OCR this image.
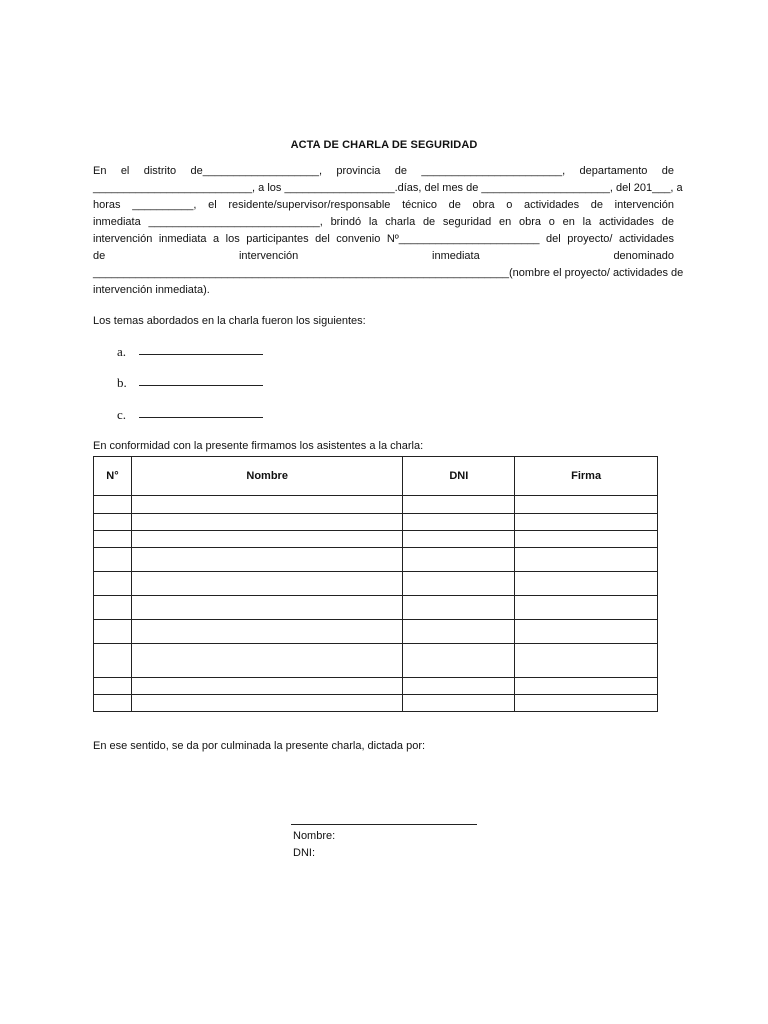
ACTA DE CHARLA DE SEGURIDAD
En el distrito de___________________, provincia de _______________________, departamento de
__________________________, a los __________________.días, del mes de _____________________, del 201___, a
horas __________, el residente/supervisor/responsable técnico de obra o actividades de intervención
inmediata ____________________________, brindó la charla de seguridad en obra o en la actividades de
intervención inmediata a los participantes del convenio Nº_______________________ del proyecto/ actividades
de intervención inmediata denominado
____________________________________________________________________(nombre el proyecto/ actividades de
intervención inmediata).
Los temas abordados en la charla fueron los siguientes:
a.
b.
c.
En conformidad con la presente firmamos los asistentes a la charla:
N°	Nombre	DNI	Firma

En ese sentido, se da por culminada la presente charla, dictada por:
Nombre:
DNI:
